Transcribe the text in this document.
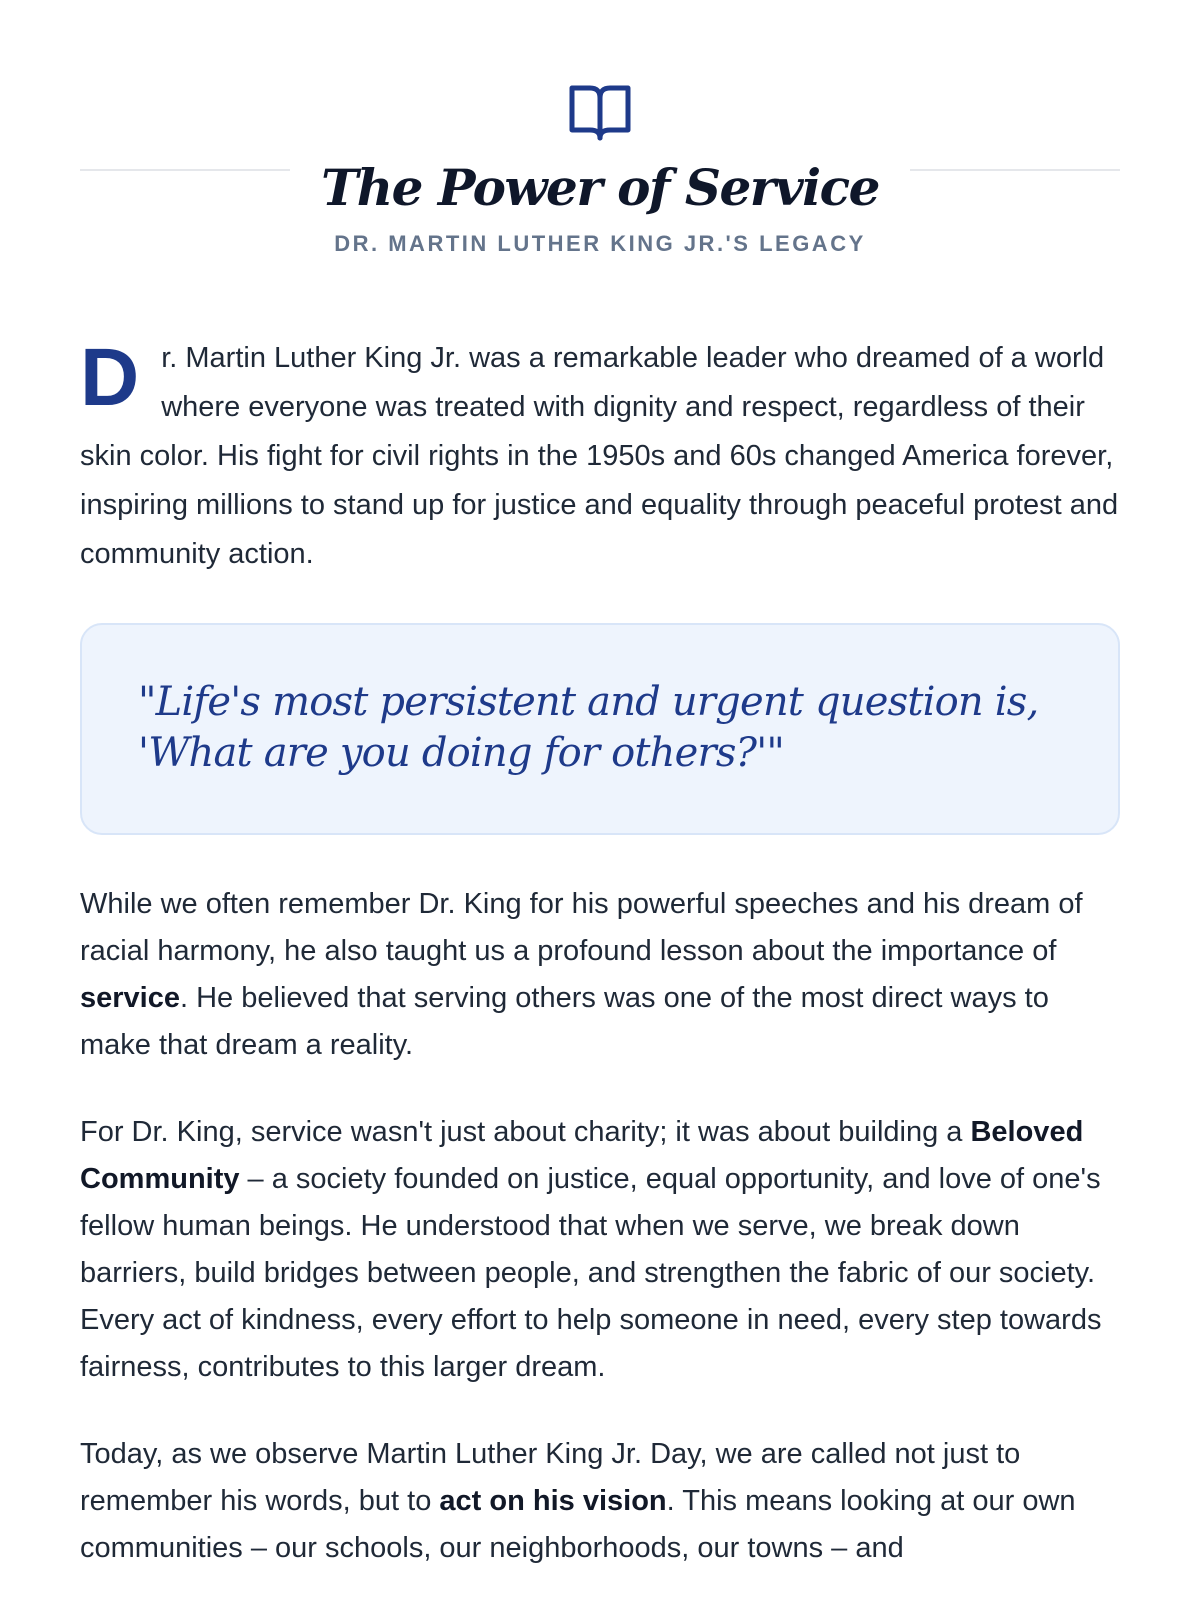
The Power of Service
DR. MARTIN LUTHER KING JR.'S LEGACY

Dr. Martin Luther King Jr. was a remarkable leader who dreamed of a world where everyone was treated with dignity and respect, regardless of their skin color. His fight for civil rights in the 1950s and 60s changed America forever, inspiring millions to stand up for justice and equality through peaceful protest and community action.

"Life's most persistent and urgent question is, 'What are you doing for others?'"

While we often remember Dr. King for his powerful speeches and his dream of racial harmony, he also taught us a profound lesson about the importance of service. He believed that serving others was one of the most direct ways to make that dream a reality.

For Dr. King, service wasn't just about charity; it was about building a Beloved Community – a society founded on justice, equal opportunity, and love of one's fellow human beings. He understood that when we serve, we break down barriers, build bridges between people, and strengthen the fabric of our society. Every act of kindness, every effort to help someone in need, every step towards fairness, contributes to this larger dream.

Today, as we observe Martin Luther King Jr. Day, we are called not just to remember his words, but to act on his vision. This means looking at our own communities – our schools, our neighborhoods, our towns – and
